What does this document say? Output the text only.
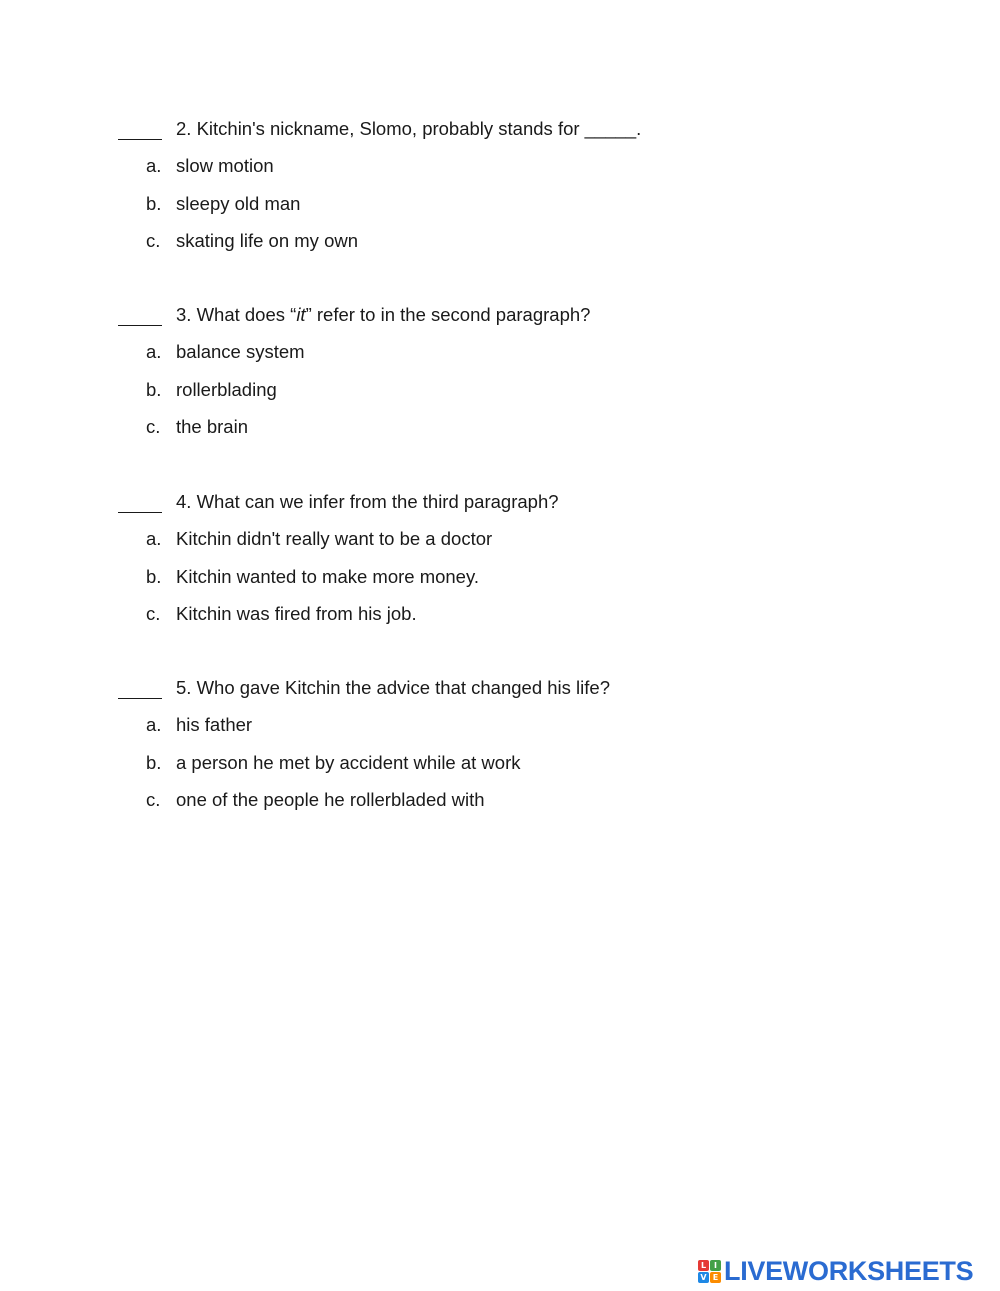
2. Kitchin's nickname, Slomo, probably stands for _____.
a. slow motion
b. sleepy old man
c. skating life on my own
3. What does “it” refer to in the second paragraph?
a. balance system
b. rollerblading
c. the brain
4. What can we infer from the third paragraph?
a. Kitchin didn't really want to be a doctor
b. Kitchin wanted to make more money.
c. Kitchin was fired from his job.
5. Who gave Kitchin the advice that changed his life?
a. his father
b. a person he met by accident while at work
c. one of the people he rollerbladed with
L I
V E LIVEWORKSHEETS
